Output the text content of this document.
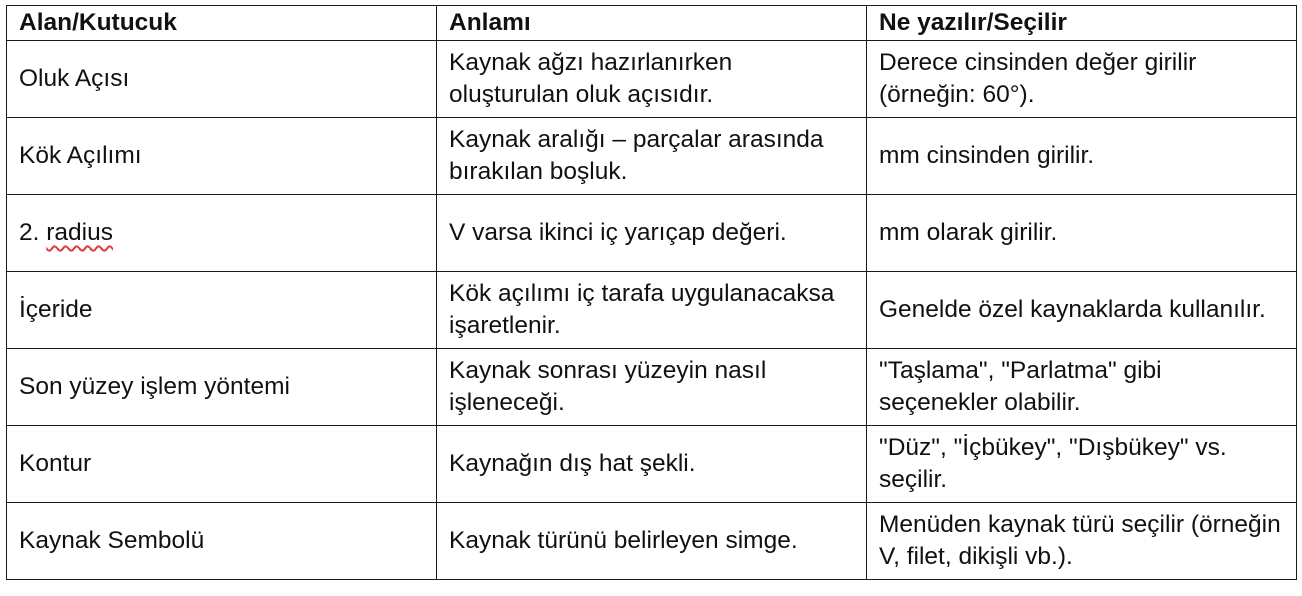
Alan/Kutucuk	Anlamı	Ne yazılır/Seçilir
Oluk Açısı	Kaynak ağzı hazırlanırken oluşturulan oluk açısıdır.	Derece cinsinden değer girilir (örneğin: 60°).
Kök Açılımı	Kaynak aralığı – parçalar arasında bırakılan boşluk.	mm cinsinden girilir.
2. radius	V varsa ikinci iç yarıçap değeri.	mm olarak girilir.
İçeride	Kök açılımı iç tarafa uygulanacaksa işaretlenir.	Genelde özel kaynaklarda kullanılır.
Son yüzey işlem yöntemi	Kaynak sonrası yüzeyin nasıl işleneceği.	"Taşlama", "Parlatma" gibi seçenekler olabilir.
Kontur	Kaynağın dış hat şekli.	"Düz", "İçbükey", "Dışbükey" vs. seçilir.
Kaynak Sembolü	Kaynak türünü belirleyen simge.	Menüden kaynak türü seçilir (örneğin V, filet, dikişli vb.).
